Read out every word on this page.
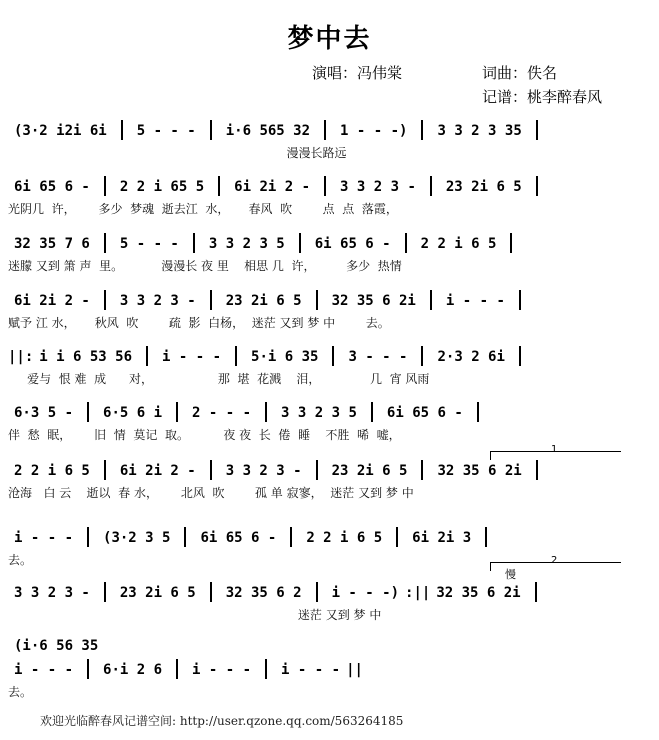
梦中去
演唱：冯伟棠	词曲：佚名
记谱：桃李醉春风
(3·2 i2i 6i 5 - - - i·6 565 32 1 - - -) 3 3 2 3 35
漫漫长路远
6i 65 6 - 2 2 i 65 5 6i 2i 2 - 3 3 2 3 - 23 2i 6 5
光阴几  许，      多少  梦魂  逝去江  水，     春风  吹        点  点  落霞，
32 35 7 6 5 - - - 3 3 2 3 5 6i 65 6 - 2 2 i 6 5
迷朦 又到 箫 声  里。          漫漫长 夜 里    相思 几  许，        多少  热情
6i 2i 2 - 3 3 2 3 - 23 2i 6 5 32 35 6 2i i - - -
赋予 江 水，     秋风  吹        疏  影  白杨，  迷茫 又到 梦 中        去。
||: i i 6 53 56 i - - - 5·i 6 35 3 - - - 2·3 2 6i
爱与  恨 难  成      对，                 那  堪  花溅    泪，             几  宵 风雨
6·3 5 - 6·5 6 i 2 - - - 3 3 2 3 5 6i 65 6 -
伴  愁  眠，      旧  情  莫记  取。         夜 夜  长  倦  睡    不胜  唏  嘘，
2 2 i 6 5 6i 2i 2 - 3 3 2 3 - 23 2i 6 5 32 35 6 2i
沧海   白 云    逝以  春 水，      北风  吹        孤 单 寂寥，  迷茫 又到 梦 中
i - - - (3·2 3 5 6i 65 6 - 2 2 i 6 5 6i 2i 3
去。
3 3 2 3 - 23 2i 6 5 32 35 6 2 i - - -) :|| 32 35 6 2i
迷茫 又到 梦 中
i - - - 6·i 2 6 i - - - i - - - ||
(i·6 56 35
去。
1
2
慢
欢迎光临醉春风记谱空间: http://user.qzone.qq.com/563264185
